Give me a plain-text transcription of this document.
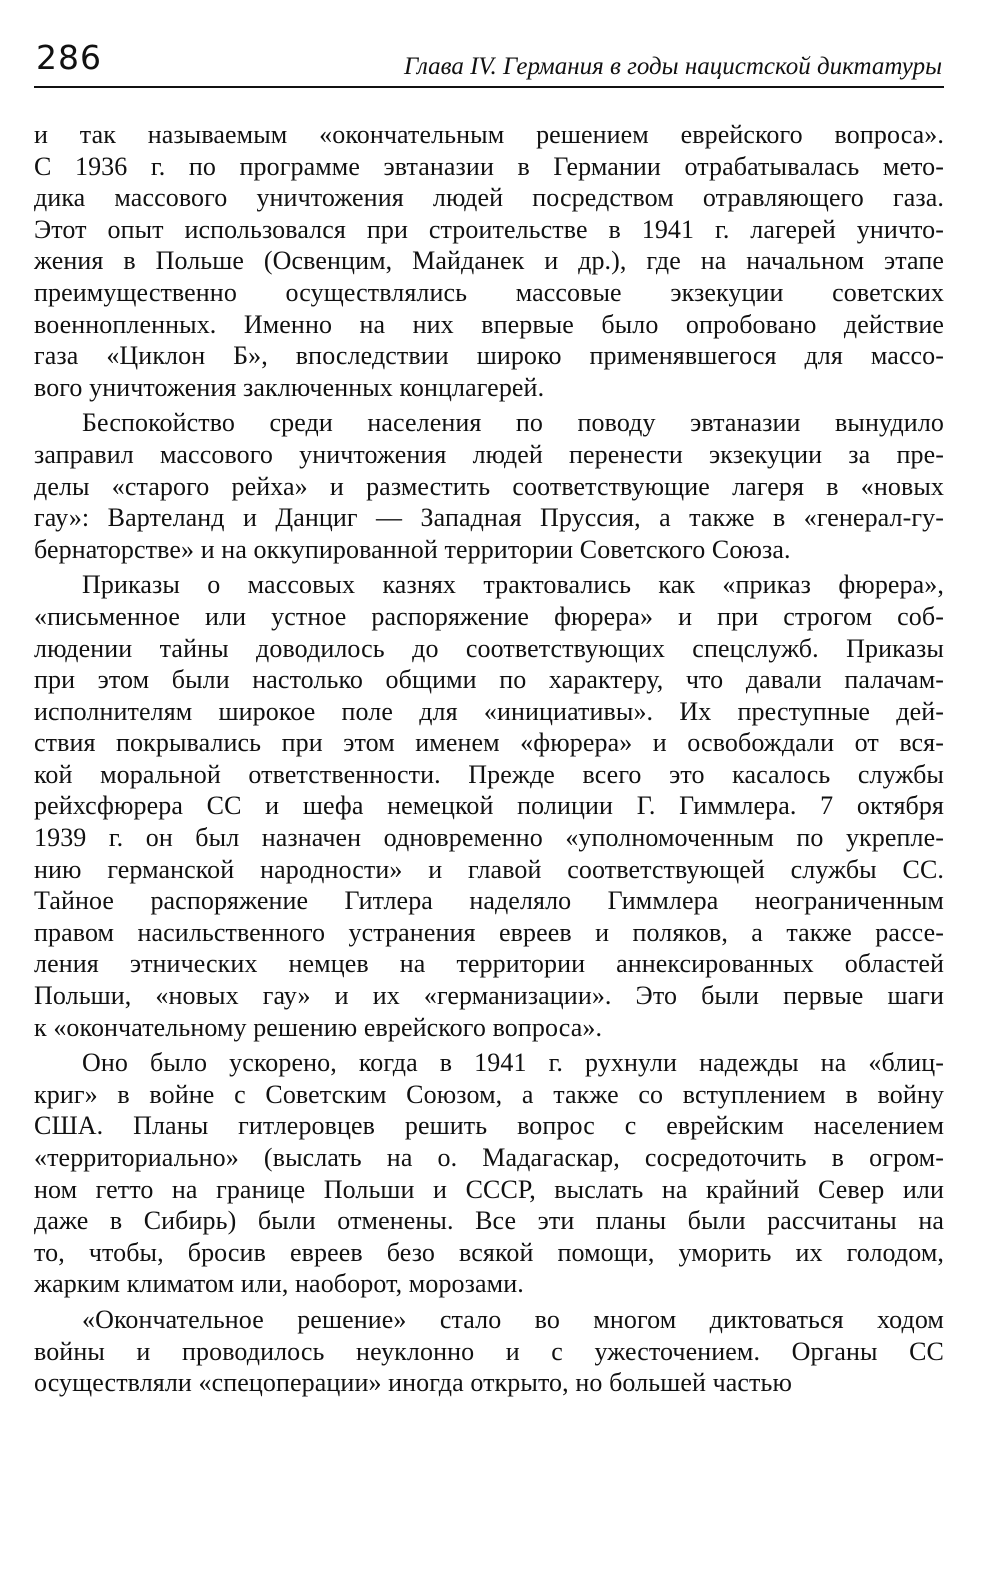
286	Глава IV. Германия в годы нацистской диктатуры

и так называемым «окончательным решением еврейского вопроса».
С 1936 г. по программе эвтаназии в Германии отрабатывалась мето-
дика массового уничтожения людей посредством отравляющего газа.
Этот опыт использовался при строительстве в 1941 г. лагерей уничто-
жения в Польше (Освенцим, Майданек и др.), где на начальном этапе
преимущественно осуществлялись массовые экзекуции советских
военнопленных. Именно на них впервые было опробовано действие
газа «Циклон Б», впоследствии широко применявшегося для массо-
вого уничтожения заключенных концлагерей.

Беспокойство среди населения по поводу эвтаназии вынудило
заправил массового уничтожения людей перенести экзекуции за пре-
делы «старого рейха» и разместить соответствующие лагеря в «новых
гау»: Вартеланд и Данциг — Западная Пруссия, а также в «генерал-гу-
бернаторстве» и на оккупированной территории Советского Союза.

Приказы о массовых казнях трактовались как «приказ фюрера»,
«письменное или устное распоряжение фюрера» и при строгом соб-
людении тайны доводилось до соответствующих спецслужб. Приказы
при этом были настолько общими по характеру, что давали палачам-
исполнителям широкое поле для «инициативы». Их преступные дей-
ствия покрывались при этом именем «фюрера» и освобождали от вся-
кой моральной ответственности. Прежде всего это касалось службы
рейхсфюрера СС и шефа немецкой полиции Г. Гиммлера. 7 октября
1939 г. он был назначен одновременно «уполномоченным по укрепле-
нию германской народности» и главой соответствующей службы СС.
Тайное распоряжение Гитлера наделяло Гиммлера неограниченным
правом насильственного устранения евреев и поляков, а также рассе-
ления этнических немцев на территории аннексированных областей
Польши, «новых гау» и их «германизации». Это были первые шаги
к «окончательному решению еврейского вопроса».

Оно было ускорено, когда в 1941 г. рухнули надежды на «блиц-
криг» в войне с Советским Союзом, а также со вступлением в войну
США. Планы гитлеровцев решить вопрос с еврейским населением
«территориально» (выслать на о. Мадагаскар, сосредоточить в огром-
ном гетто на границе Польши и СССР, выслать на крайний Север или
даже в Сибирь) были отменены. Все эти планы были рассчитаны на
то, чтобы, бросив евреев безо всякой помощи, уморить их голодом,
жарким климатом или, наоборот, морозами.

«Окончательное решение» стало во многом диктоваться ходом
войны и проводилось неуклонно и с ужесточением. Органы СС
осуществляли «спецоперации» иногда открыто, но большей частью
